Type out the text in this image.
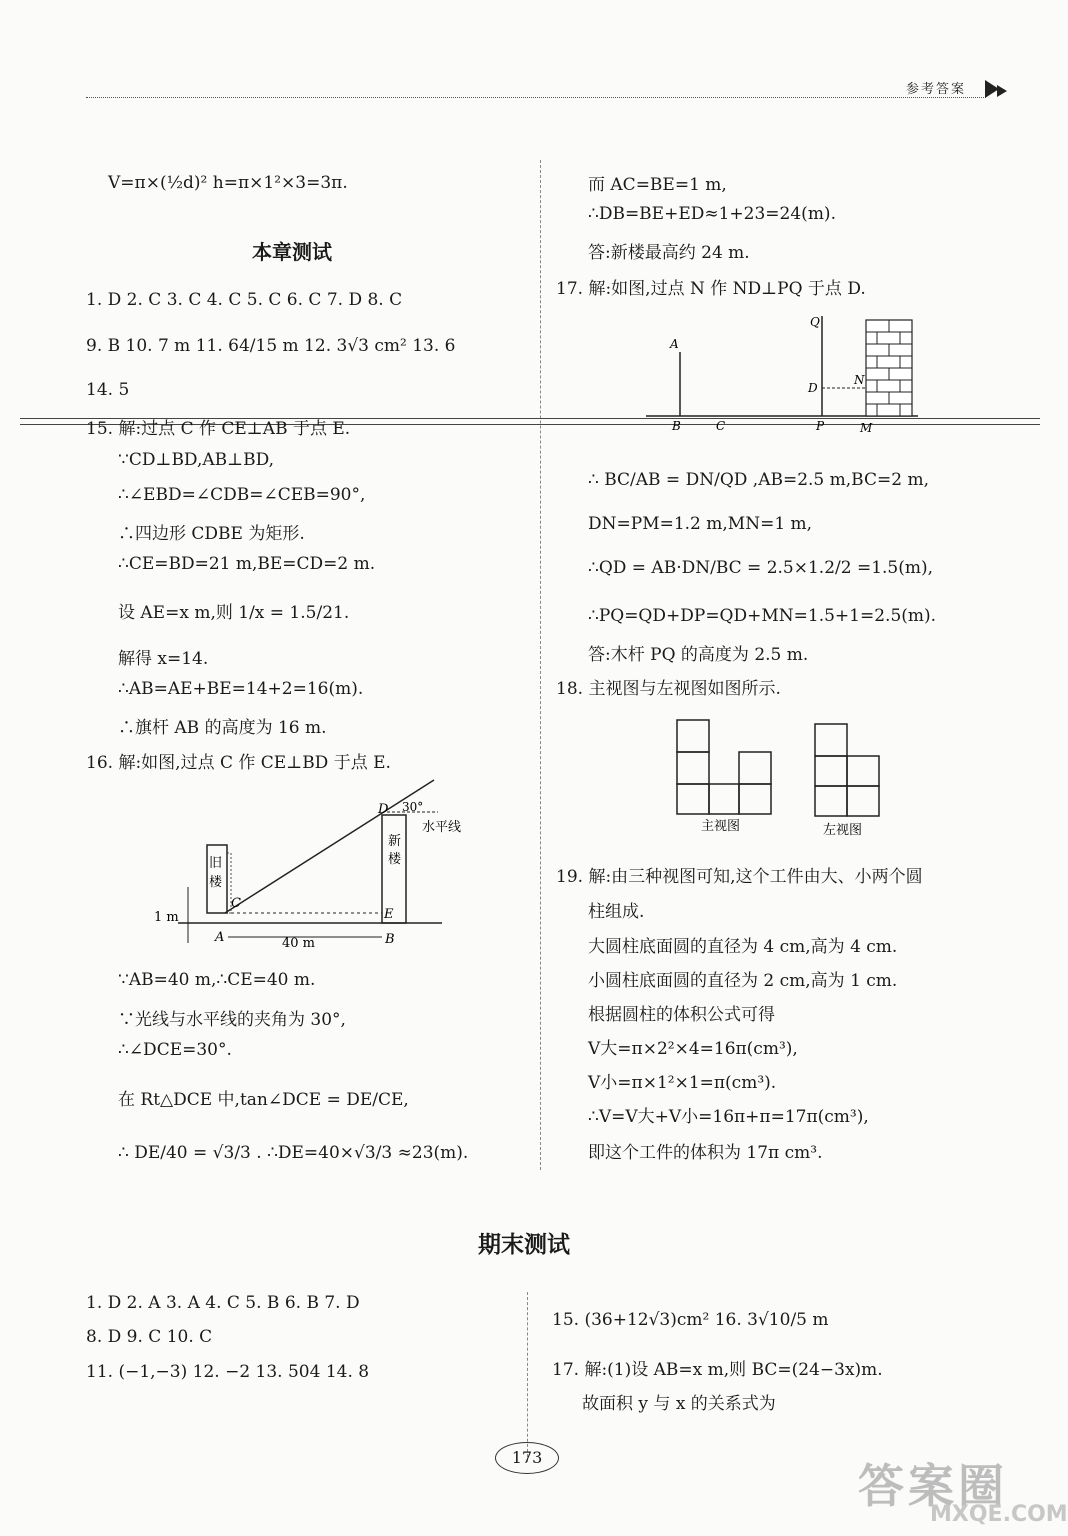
参考答案
V=π×(½d)² h=π×1²×3=3π.
本章测试
1. D 2. C 3. C 4. C 5. C 6. C 7. D 8. C
9. B 10. 7 m 11. 64/15 m 12. 3√3 cm² 13. 6
14. 5
15. 解:过点 C 作 CE⊥AB 于点 E.
∵CD⊥BD,AB⊥BD,
∴∠EBD=∠CDB=∠CEB=90°,
∴四边形 CDBE 为矩形.
∴CE=BD=21 m,BE=CD=2 m.
设 AE=x m,则 1/x = 1.5/21.
解得 x=14.
∴AB=AE+BE=14+2=16(m).
∴旗杆 AB 的高度为 16 m.
16. 解:如图,过点 C 作 CE⊥BD 于点 E.
D 30°
新
楼
水平线
旧
楼
C
E
A	B
1 m
40 m
∵AB=40 m,∴CE=40 m.
∵光线与水平线的夹角为 30°,
∴∠DCE=30°.
在 Rt△DCE 中,tan∠DCE = DE/CE,
∴ DE/40 = √3/3 . ∴DE=40×√3/3 ≈23(m).
而 AC=BE=1 m,
∴DB=BE+ED≈1+23=24(m).
答:新楼最高约 24 m.
17. 解:如图,过点 N 作 ND⊥PQ 于点 D.
A
B	C
Q
D
N
P	M
∴ BC/AB = DN/QD ,AB=2.5 m,BC=2 m,
DN=PM=1.2 m,MN=1 m,
∴QD = AB·DN/BC = 2.5×1.2/2 =1.5(m),
∴PQ=QD+DP=QD+MN=1.5+1=2.5(m).
答:木杆 PQ 的高度为 2.5 m.
18. 主视图与左视图如图所示.
主视图	左视图
19. 解:由三种视图可知,这个工件由大、小两个圆
柱组成.
大圆柱底面圆的直径为 4 cm,高为 4 cm.
小圆柱底面圆的直径为 2 cm,高为 1 cm.
根据圆柱的体积公式可得
V大=π×2²×4=16π(cm³),
V小=π×1²×1=π(cm³).
∴V=V大+V小=16π+π=17π(cm³),
即这个工件的体积为 17π cm³.
期末测试
1. D 2. A 3. A 4. C 5. B 6. B 7. D
8. D 9. C 10. C
11. (−1,−3) 12. −2 13. 504 14. 8
15. (36+12√3)cm² 16. 3√10/5 m
17. 解:(1)设 AB=x m,则 BC=(24−3x)m.
故面积 y 与 x 的关系式为
173
答案圈
MXQE.COM
